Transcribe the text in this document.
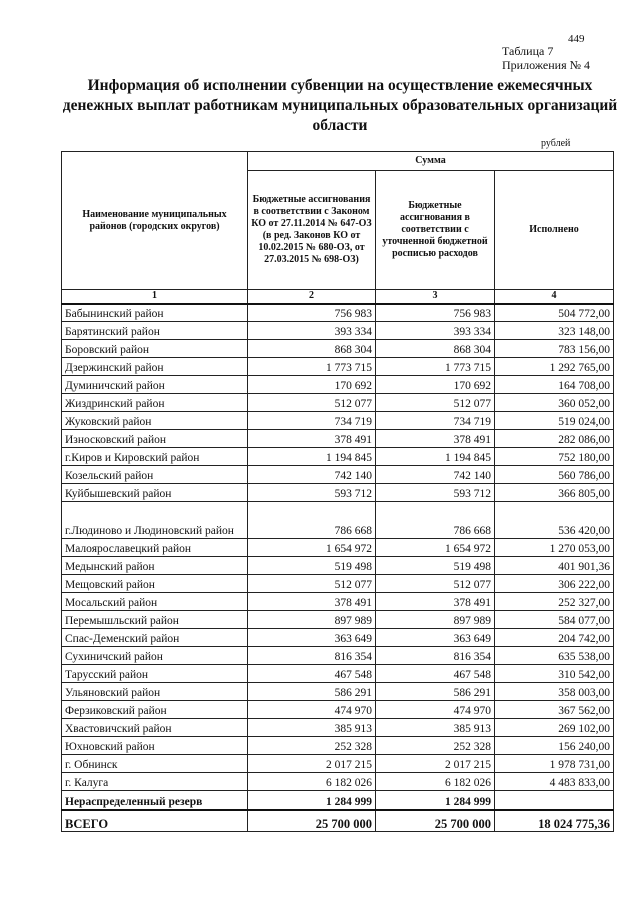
449
Таблица 7
Приложения № 4
Информация об исполнении субвенции на осуществление ежемесячных денежных выплат работникам муниципальных образовательных организаций области
рублей
Наименование муниципальных районов (городских округов)	Сумма		
	Бюджетные ассигнования в соответствии с Законом КО от 27.11.2014 № 647-ОЗ (в ред. Законов КО от 10.02.2015 № 680-ОЗ, от 27.03.2015 № 698-ОЗ)	Бюджетные ассигнования в соответствии с уточненной бюджетной росписью расходов	Исполнено
1	2	3	4
Бабынинский район	756 983	756 983	504 772,00
Барятинский район	393 334	393 334	323 148,00
Боровский район	868 304	868 304	783 156,00
Дзержинский район	1 773 715	1 773 715	1 292 765,00
Думиничский район	170 692	170 692	164 708,00
Жиздринский район	512 077	512 077	360 052,00
Жуковский район	734 719	734 719	519 024,00
Износковский район	378 491	378 491	282 086,00
г.Киров и Кировский район	1 194 845	1 194 845	752 180,00
Козельский район	742 140	742 140	560 786,00
Куйбышевский район	593 712	593 712	366 805,00
г.Людиново и Людиновский район	786 668	786 668	536 420,00
Малоярославецкий район	1 654 972	1 654 972	1 270 053,00
Медынский район	519 498	519 498	401 901,36
Мещовский район	512 077	512 077	306 222,00
Мосальский район	378 491	378 491	252 327,00
Перемышльский район	897 989	897 989	584 077,00
Спас-Деменский район	363 649	363 649	204 742,00
Сухиничский район	816 354	816 354	635 538,00
Тарусский район	467 548	467 548	310 542,00
Ульяновский район	586 291	586 291	358 003,00
Ферзиковский район	474 970	474 970	367 562,00
Хвастовичский район	385 913	385 913	269 102,00
Юхновский район	252 328	252 328	156 240,00
г. Обнинск	2 017 215	2 017 215	1 978 731,00
г. Калуга	6 182 026	6 182 026	4 483 833,00
Нераспределенный резерв	1 284 999	1 284 999	
ВСЕГО	25 700 000	25 700 000	18 024 775,36
